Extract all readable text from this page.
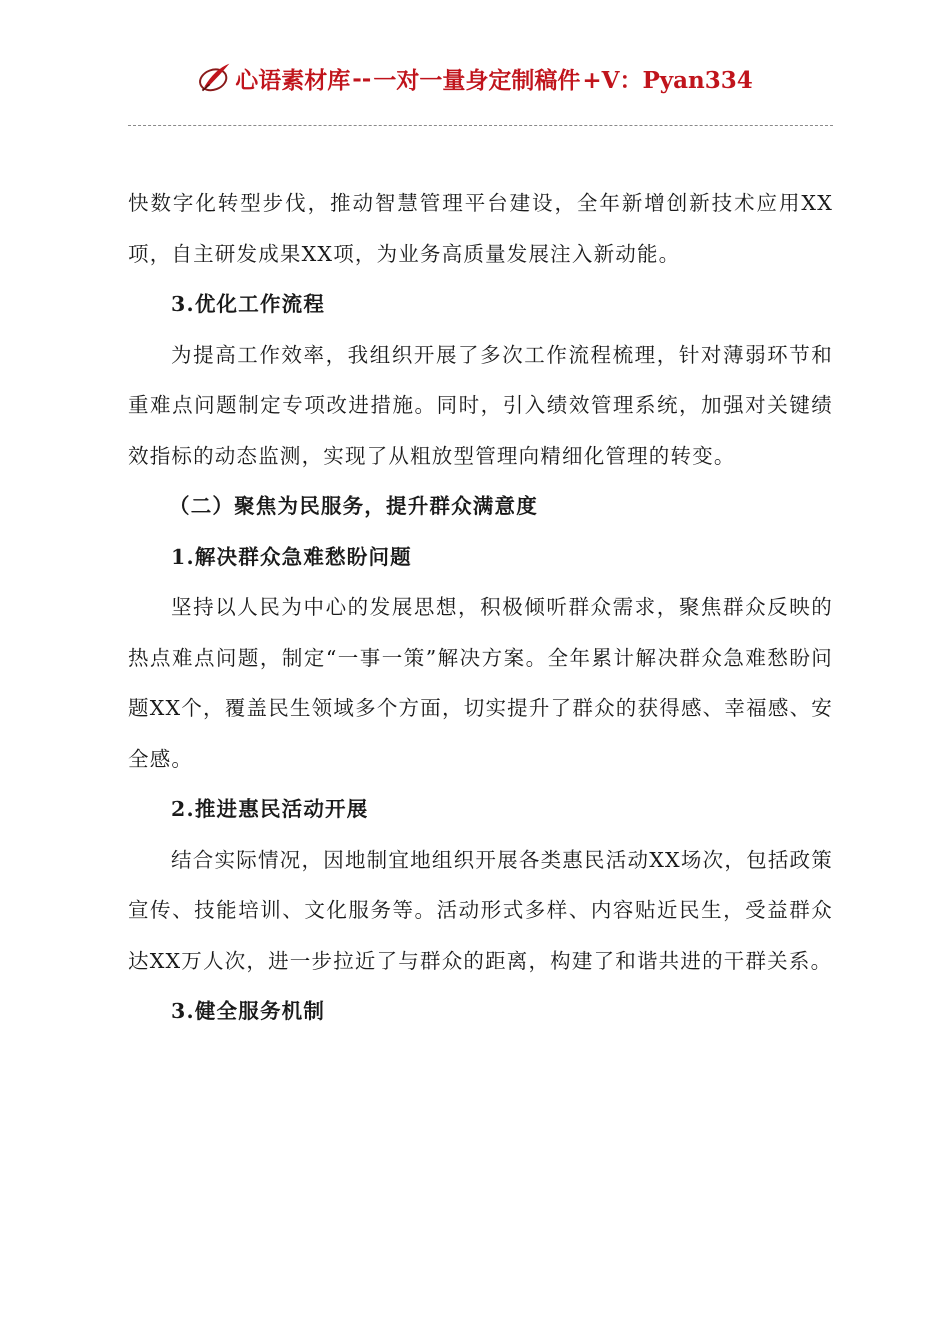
心语素材库 -- 一对一量身定制稿件 +V：Pyan334

快数字化转型步伐，推动智慧管理平台建设，全年新增创新技术应用XX项，自主研发成果XX项，为业务高质量发展注入新动能。

3.优化工作流程

为提高工作效率，我组织开展了多次工作流程梳理，针对薄弱环节和重难点问题制定专项改进措施。同时，引入绩效管理系统，加强对关键绩效指标的动态监测，实现了从粗放型管理向精细化管理的转变。

（二）聚焦为民服务，提升群众满意度
1.解决群众急难愁盼问题

坚持以人民为中心的发展思想，积极倾听群众需求，聚焦群众反映的热点难点问题，制定“一事一策”解决方案。全年累计解决群众急难愁盼问题XX个，覆盖民生领域多个方面，切实提升了群众的获得感、幸福感、安全感。

2.推进惠民活动开展

结合实际情况，因地制宜地组织开展各类惠民活动XX场次，包括政策宣传、技能培训、文化服务等。活动形式多样、内容贴近民生，受益群众达XX万人次，进一步拉近了与群众的距离，构建了和谐共进的干群关系。

3.健全服务机制
